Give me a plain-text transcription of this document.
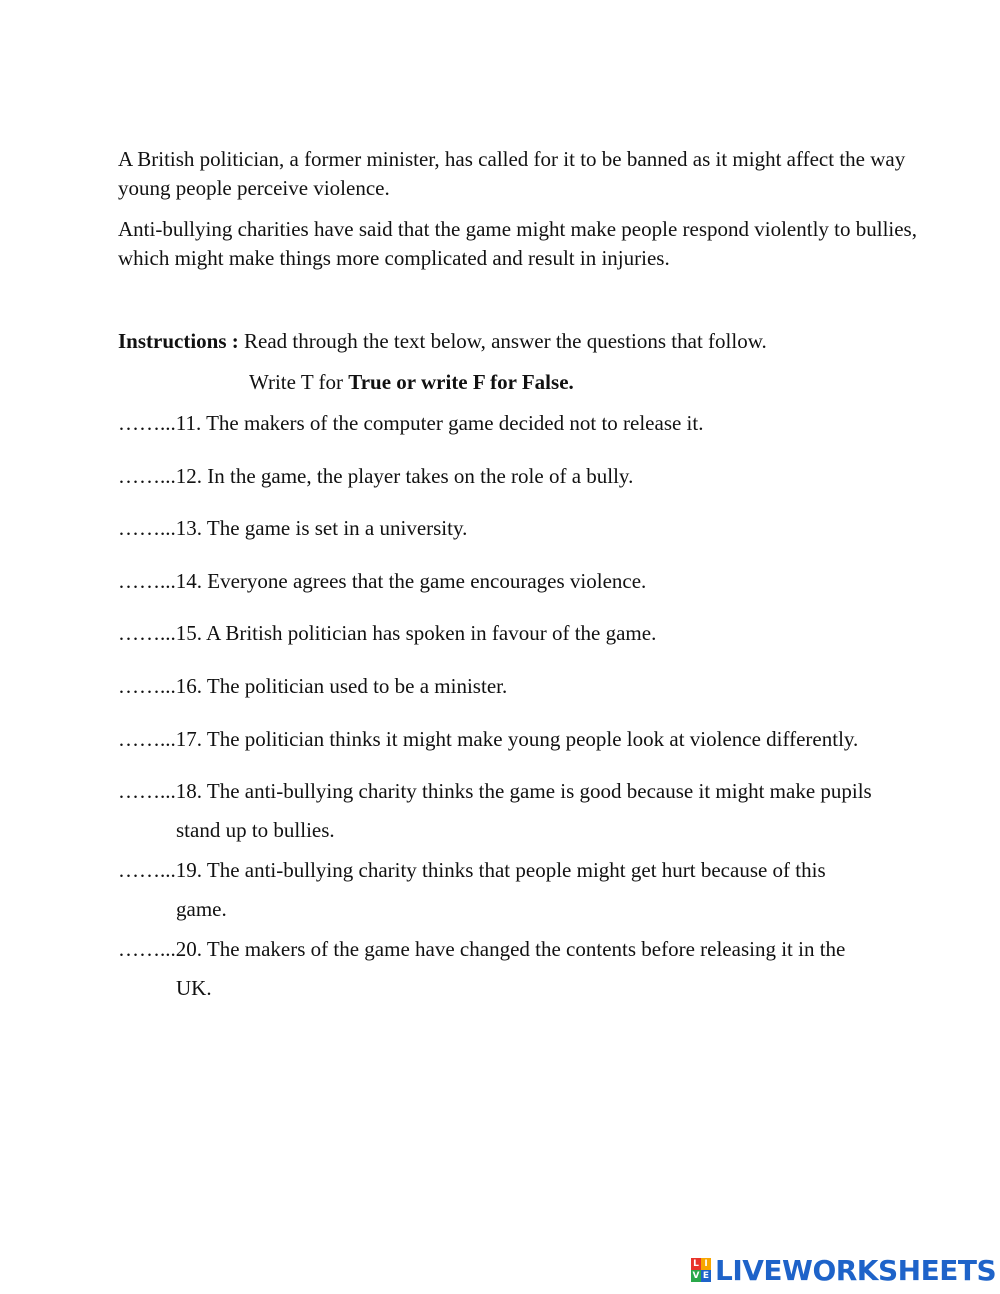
A British politician, a former minister, has called for it to be banned as it might affect the way young people perceive violence.

Anti-bullying charities have said that the game might make people respond violently to bullies, which might make things more complicated and result in injuries.

Instructions : Read through the text below, answer the questions that follow.
Write T for True or write F for False.
……...11. The makers of the computer game decided not to release it.
……...12. In the game, the player takes on the role of a bully.
……...13. The game is set in a university.
……...14. Everyone agrees that the game encourages violence.
……...15. A British politician has spoken in favour of the game.
……...16. The politician used to be a minister.
……...17. The politician thinks it might make young people look at violence differently.
……...18. The anti-bullying charity thinks the game is good because it might make pupils
stand up to bullies.
……...19. The anti-bullying charity thinks that people might get hurt because of this
game.
……...20. The makers of the game have changed the contents before releasing it in the
UK.
L I
V E LIVEWORKSHEETS
